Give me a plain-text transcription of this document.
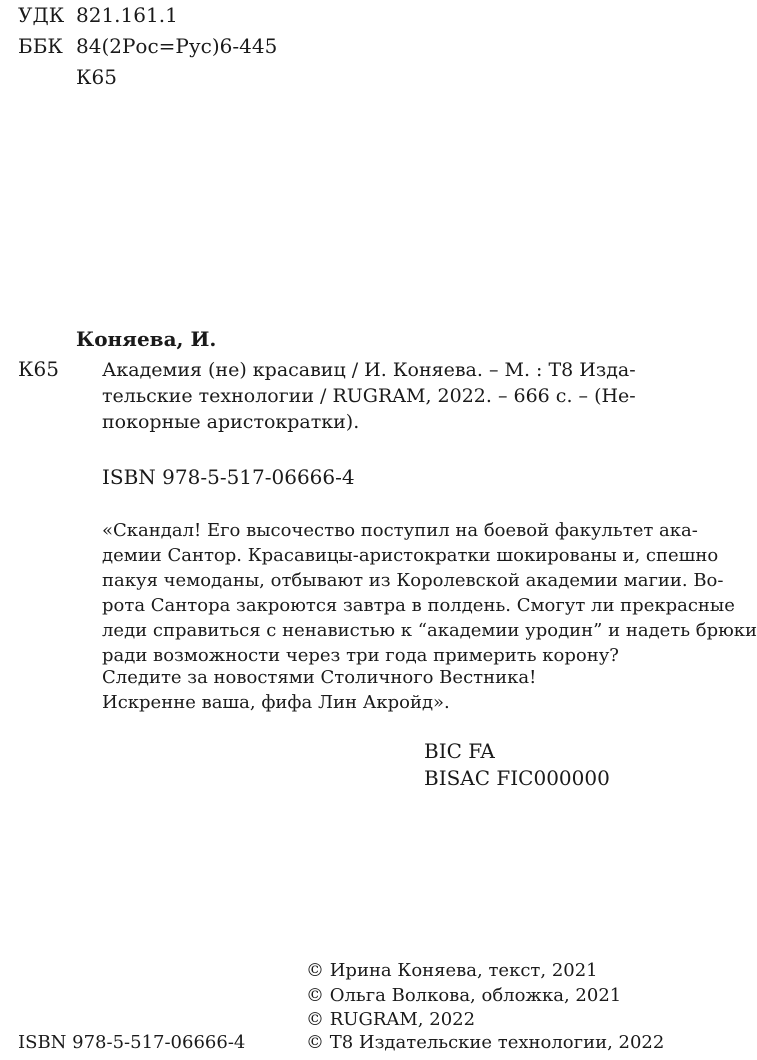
УДК 821.161.1
ББК 84(2Рос=Рус)6-445
К65
Коняева, И.
К65 Академия (не) красавиц / И. Коняева. – М. : Т8 Изда-
тельские технологии / RUGRAM, 2022. – 666 с. – (Не-
покорные аристократки).
ISBN 978-5-517-06666-4
«Скандал! Его высочество поступил на боевой факультет ака-
демии Сантор. Красавицы-аристократки шокированы и, спешно
пакуя чемоданы, отбывают из Королевской академии магии. Во-
рота Сантора закроются завтра в полдень. Смогут ли прекрасные
леди справиться с ненавистью к “академии уродин” и надеть брюки
ради возможности через три года примерить корону?
Следите за новостями Столичного Вестника!
Искренне ваша, фифа Лин Акройд».
BIC FA
BISAC FIC000000
© Ирина Коняева, текст, 2021
© Ольга Волкова, обложка, 2021
© RUGRAM, 2022
ISBN 978-5-517-06666-4	© Т8 Издательские технологии, 2022
